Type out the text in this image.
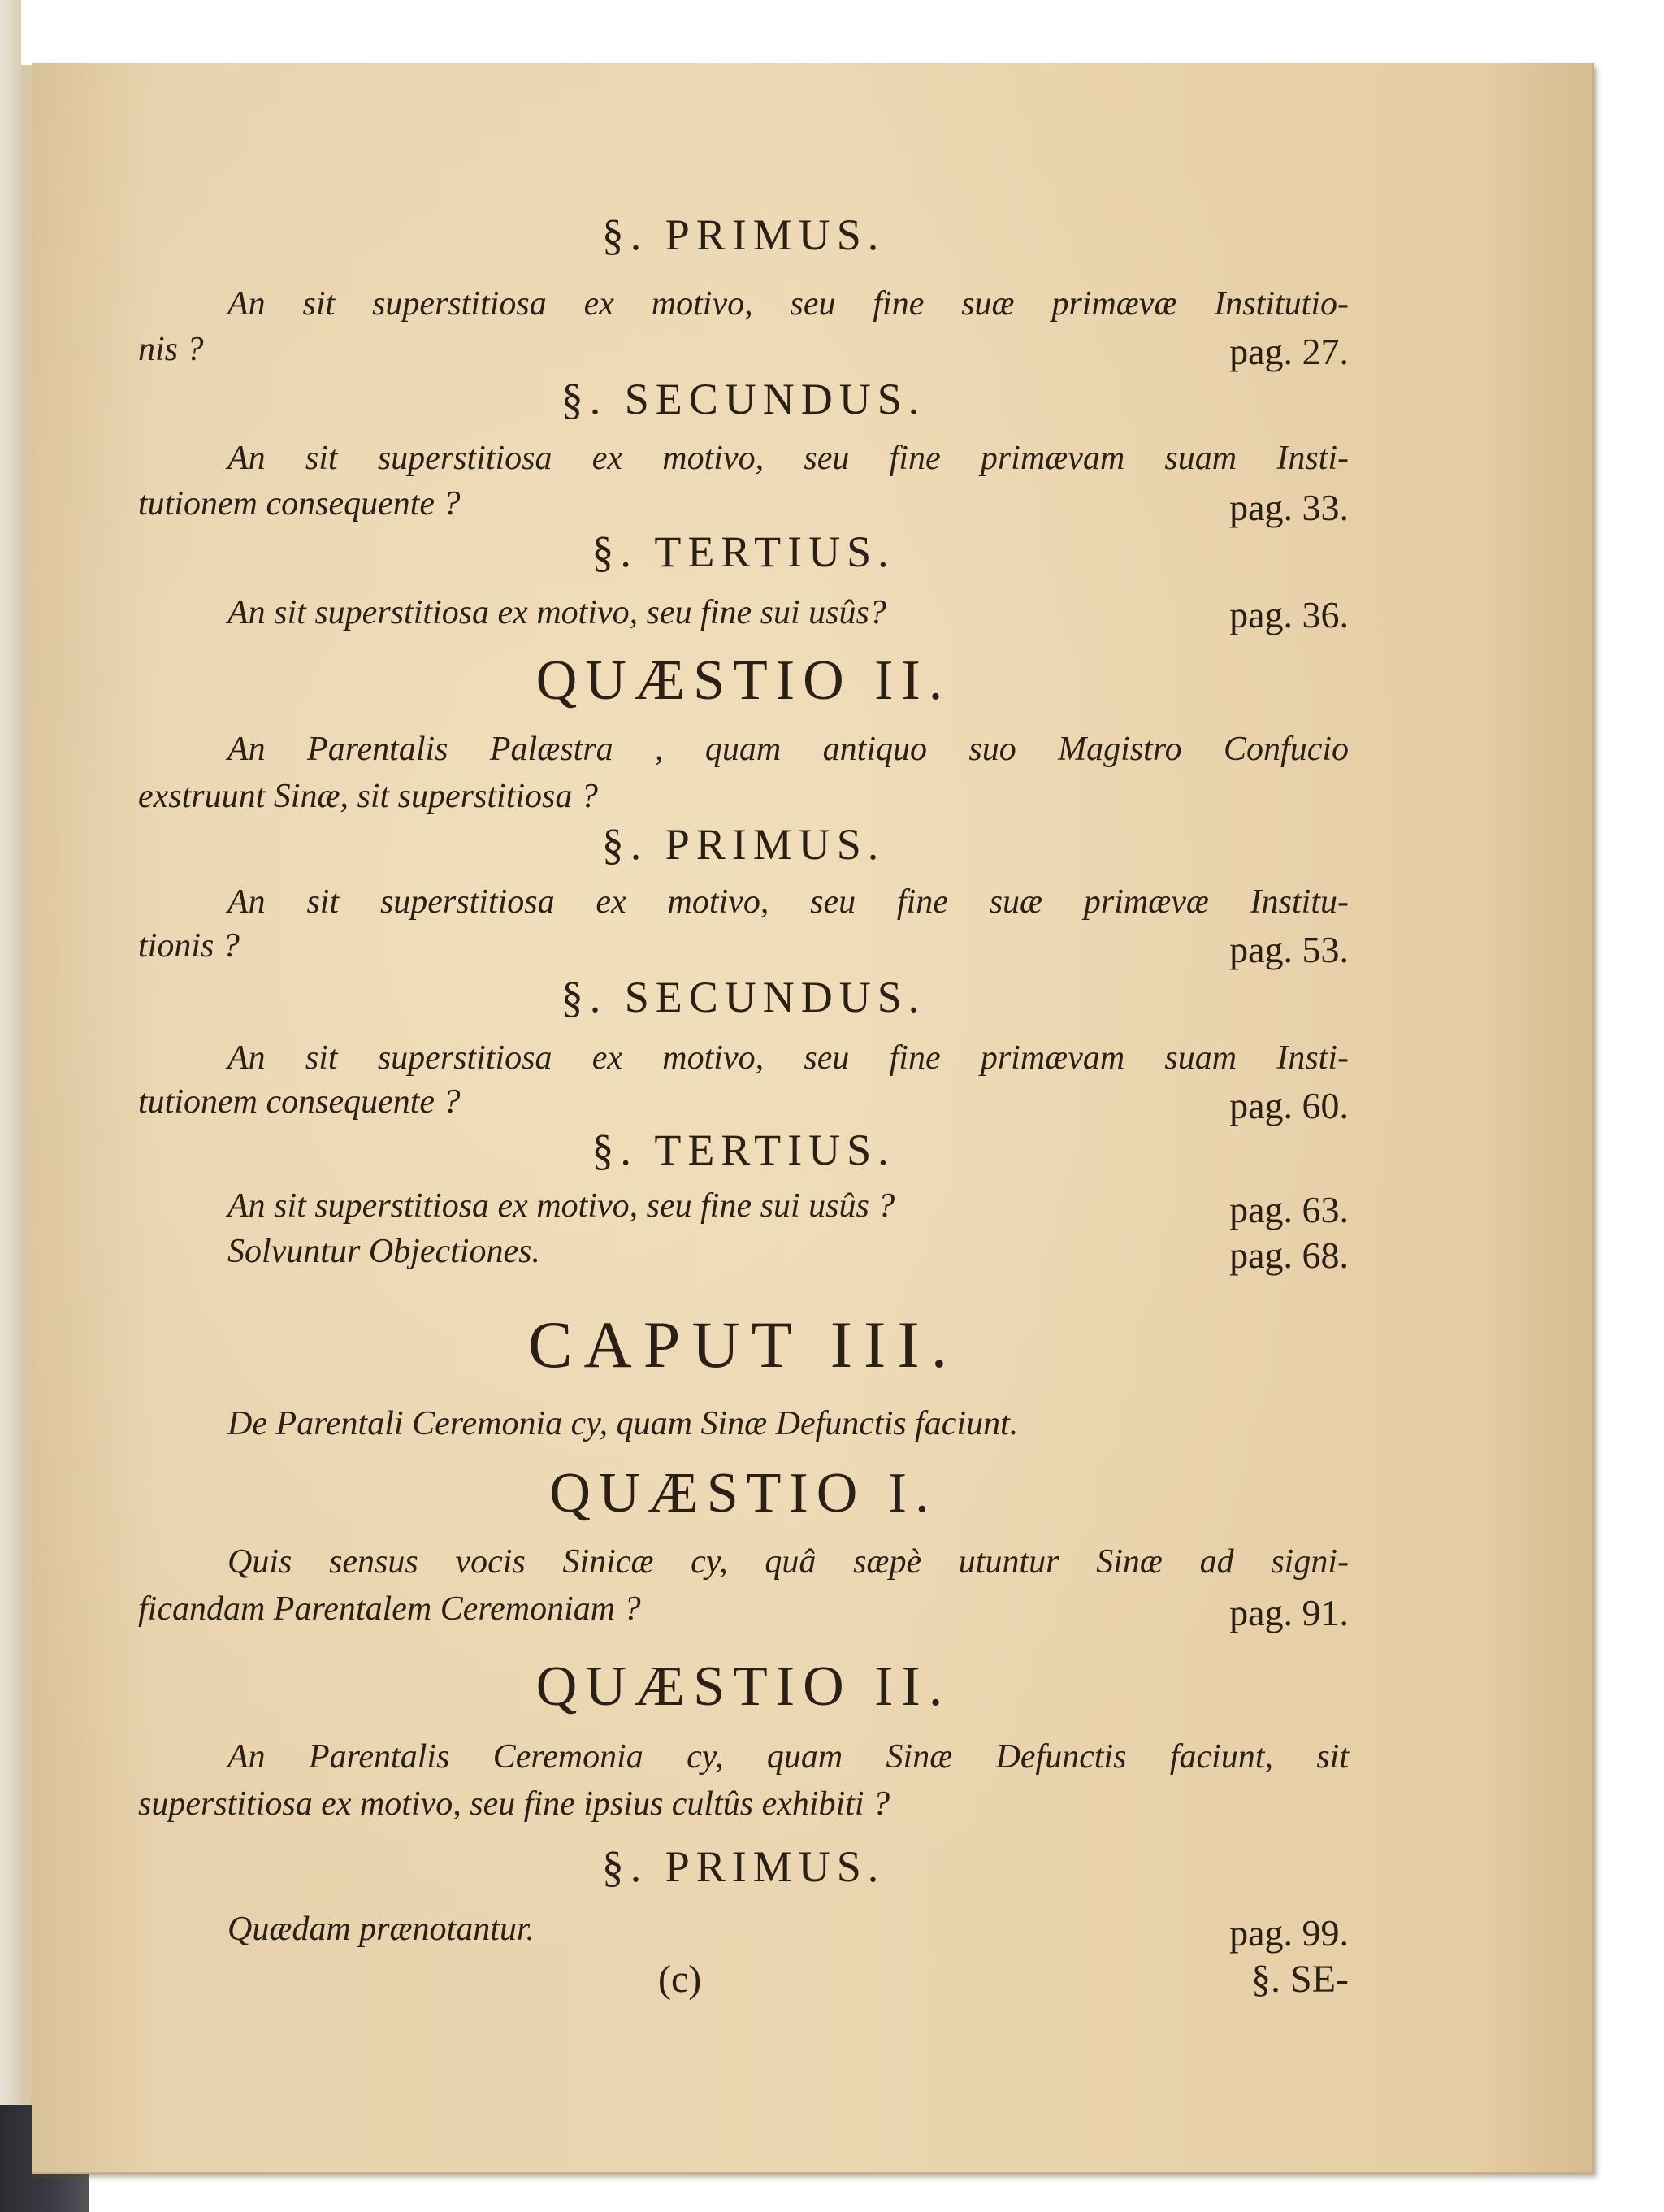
§. PRIMUS.
An sit superstitiosa ex motivo, seu fine suæ primævæ Institutio-
nis ?	pag. 27.
§. SECUNDUS.
An sit superstitiosa ex motivo, seu fine primævam suam Insti-
tutionem consequente ?	pag. 33.
§. TERTIUS.
An sit superstitiosa ex motivo, seu fine sui usûs?	pag. 36.
QUÆSTIO II.
An Parentalis Palæstra , quam antiquo suo Magistro Confucio
exstruunt Sinæ, sit superstitiosa ?
§. PRIMUS.
An sit superstitiosa ex motivo, seu fine suæ primævæ Institu-
tionis ?	pag. 53.
§. SECUNDUS.
An sit superstitiosa ex motivo, seu fine primævam suam Insti-
tutionem consequente ?	pag. 60.
§. TERTIUS.
An sit superstitiosa ex motivo, seu fine sui usûs ?	pag. 63.
Solvuntur Objectiones.	pag. 68.
CAPUT III.
De Parentali Ceremonia cy, quam Sinæ Defunctis faciunt.
QUÆSTIO I.
Quis sensus vocis Sinicæ cy, quâ sæpè utuntur Sinæ ad signi-
ficandam Parentalem Ceremoniam ?	pag. 91.
QUÆSTIO II.
An Parentalis Ceremonia cy, quam Sinæ Defunctis faciunt, sit
superstitiosa ex motivo, seu fine ipsius cultûs exhibiti ?
§. PRIMUS.
Quædam prænotantur.	pag. 99.
(c)	§. SE-
